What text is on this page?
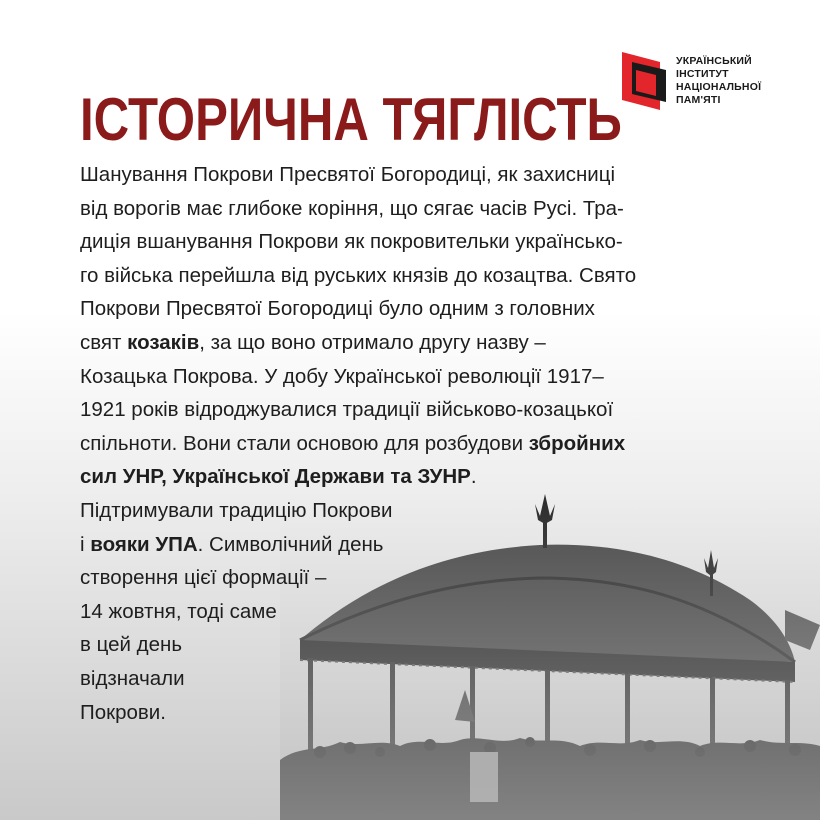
ІСТОРИЧНА ТЯГЛІСТЬ
УКРАЇНСЬКИЙ
ІНСТИТУТ
НАЦІОНАЛЬНОЇ
ПАМ'ЯТІ
Шанування Покрови Пресвятої Богородиці, як захисниці
від ворогів має глибоке коріння, що сягає часів Русі. Тра-
диція вшанування Покрови як покровительки українсько-
го війська перейшла від руських князів до козацтва. Свято
Покрови Пресвятої Богородиці було одним з головних
свят козаків, за що воно отримало другу назву –
Козацька Покрова. У добу Української революції 1917–
1921 років відроджувалися традиції військово-козацької
спільноти. Вони стали основою для розбудови збройних
сил УНР, Української Держави та ЗУНР.
Підтримували традицію Покрови
і вояки УПА. Символічний день
створення цієї формації –
14 жовтня, тоді саме
в цей день
відзначали
Покрови.
